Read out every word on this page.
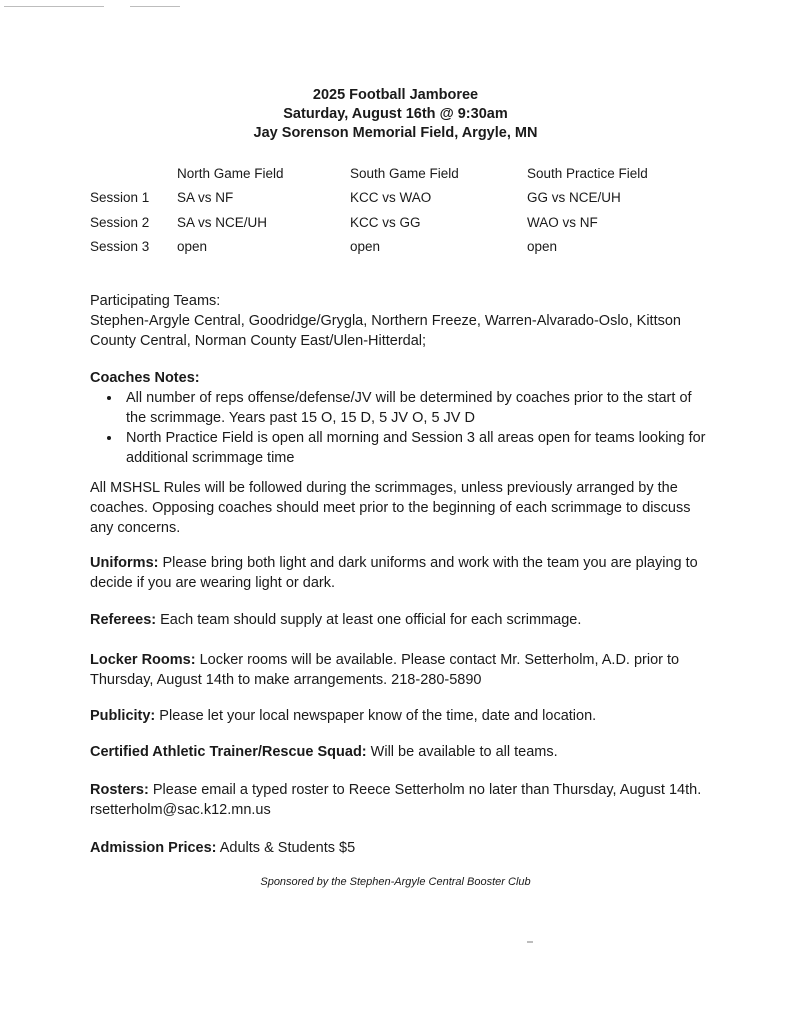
2025 Football Jamboree
Saturday, August 16th @ 9:30am
Jay Sorenson Memorial Field, Argyle, MN
	North Game Field	South Game Field	South Practice Field
Session 1	SA vs NF	KCC vs WAO	GG vs NCE/UH
Session 2	SA vs NCE/UH	KCC vs GG	WAO vs NF
Session 3	open	open	open
Participating Teams:
Stephen-Argyle Central, Goodridge/Grygla, Northern Freeze, Warren-Alvarado-Oslo, Kittson County Central, Norman County East/Ulen-Hitterdal;
Coaches Notes:
• All number of reps offense/defense/JV will be determined by coaches prior to the start of the scrimmage. Years past 15 O, 15 D, 5 JV O, 5 JV D
• North Practice Field is open all morning and Session 3 all areas open for teams looking for additional scrimmage time
All MSHSL Rules will be followed during the scrimmages, unless previously arranged by the coaches. Opposing coaches should meet prior to the beginning of each scrimmage to discuss any concerns.
Uniforms: Please bring both light and dark uniforms and work with the team you are playing to decide if you are wearing light or dark.
Referees: Each team should supply at least one official for each scrimmage.
Locker Rooms: Locker rooms will be available. Please contact Mr. Setterholm, A.D. prior to Thursday, August 14th to make arrangements. 218-280-5890
Publicity: Please let your local newspaper know of the time, date and location.
Certified Athletic Trainer/Rescue Squad: Will be available to all teams.
Rosters: Please email a typed roster to Reece Setterholm no later than Thursday, August 14th.
rsetterholm@sac.k12.mn.us
Admission Prices: Adults & Students $5
Sponsored by the Stephen-Argyle Central Booster Club
